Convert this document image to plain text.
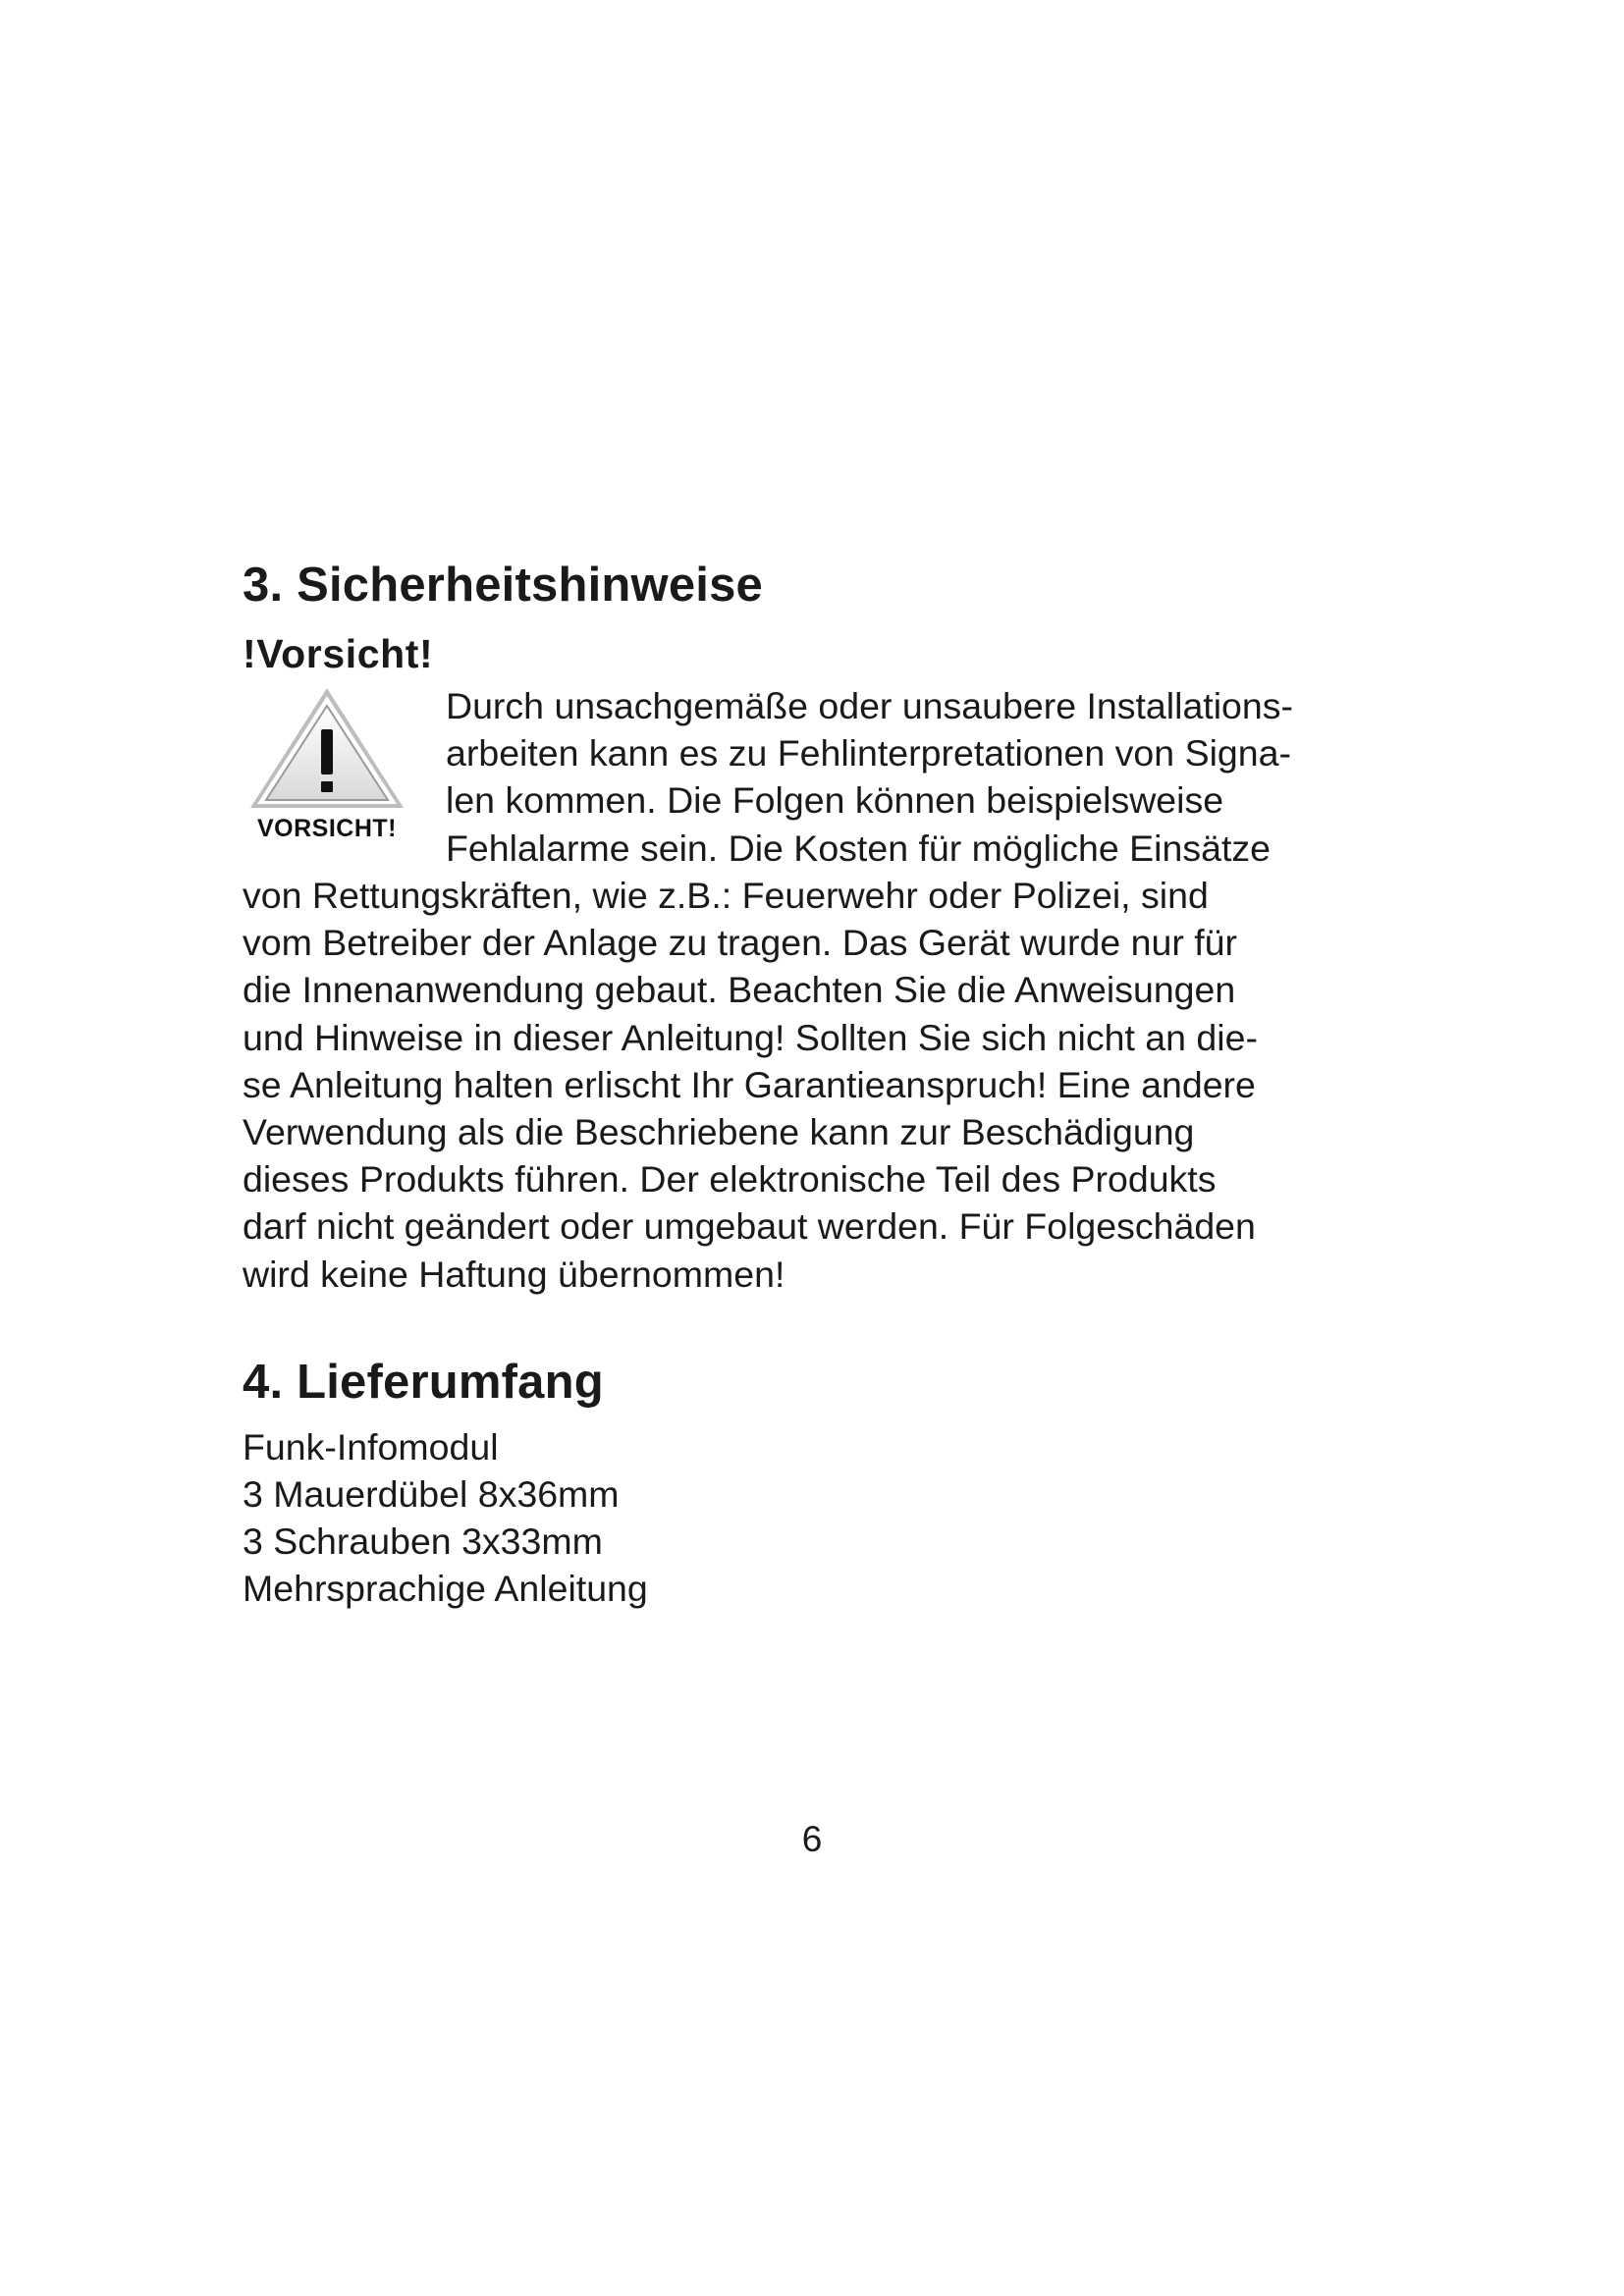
3. Sicherheitshinweise
!Vorsicht!
VORSICHT!

Durch unsachgemäße oder unsaubere Installations-
arbeiten kann es zu Fehlinterpretationen von Signa-
len kommen. Die Folgen können beispielsweise
Fehlalarme sein. Die Kosten für mögliche Einsätze
von Rettungskräften, wie z.B.: Feuerwehr oder Polizei, sind
vom Betreiber der Anlage zu tragen. Das Gerät wurde nur für
die Innenanwendung gebaut. Beachten Sie die Anweisungen
und Hinweise in dieser Anleitung! Sollten Sie sich nicht an die-
se Anleitung halten erlischt Ihr Garantieanspruch! Eine andere
Verwendung als die Beschriebene kann zur Beschädigung
dieses Produkts führen. Der elektronische Teil des Produkts
darf nicht geändert oder umgebaut werden. Für Folgeschäden
wird keine Haftung übernommen!

4. Lieferumfang
Funk-Infomodul
3 Mauerdübel 8x36mm
3 Schrauben 3x33mm
Mehrsprachige Anleitung
6
